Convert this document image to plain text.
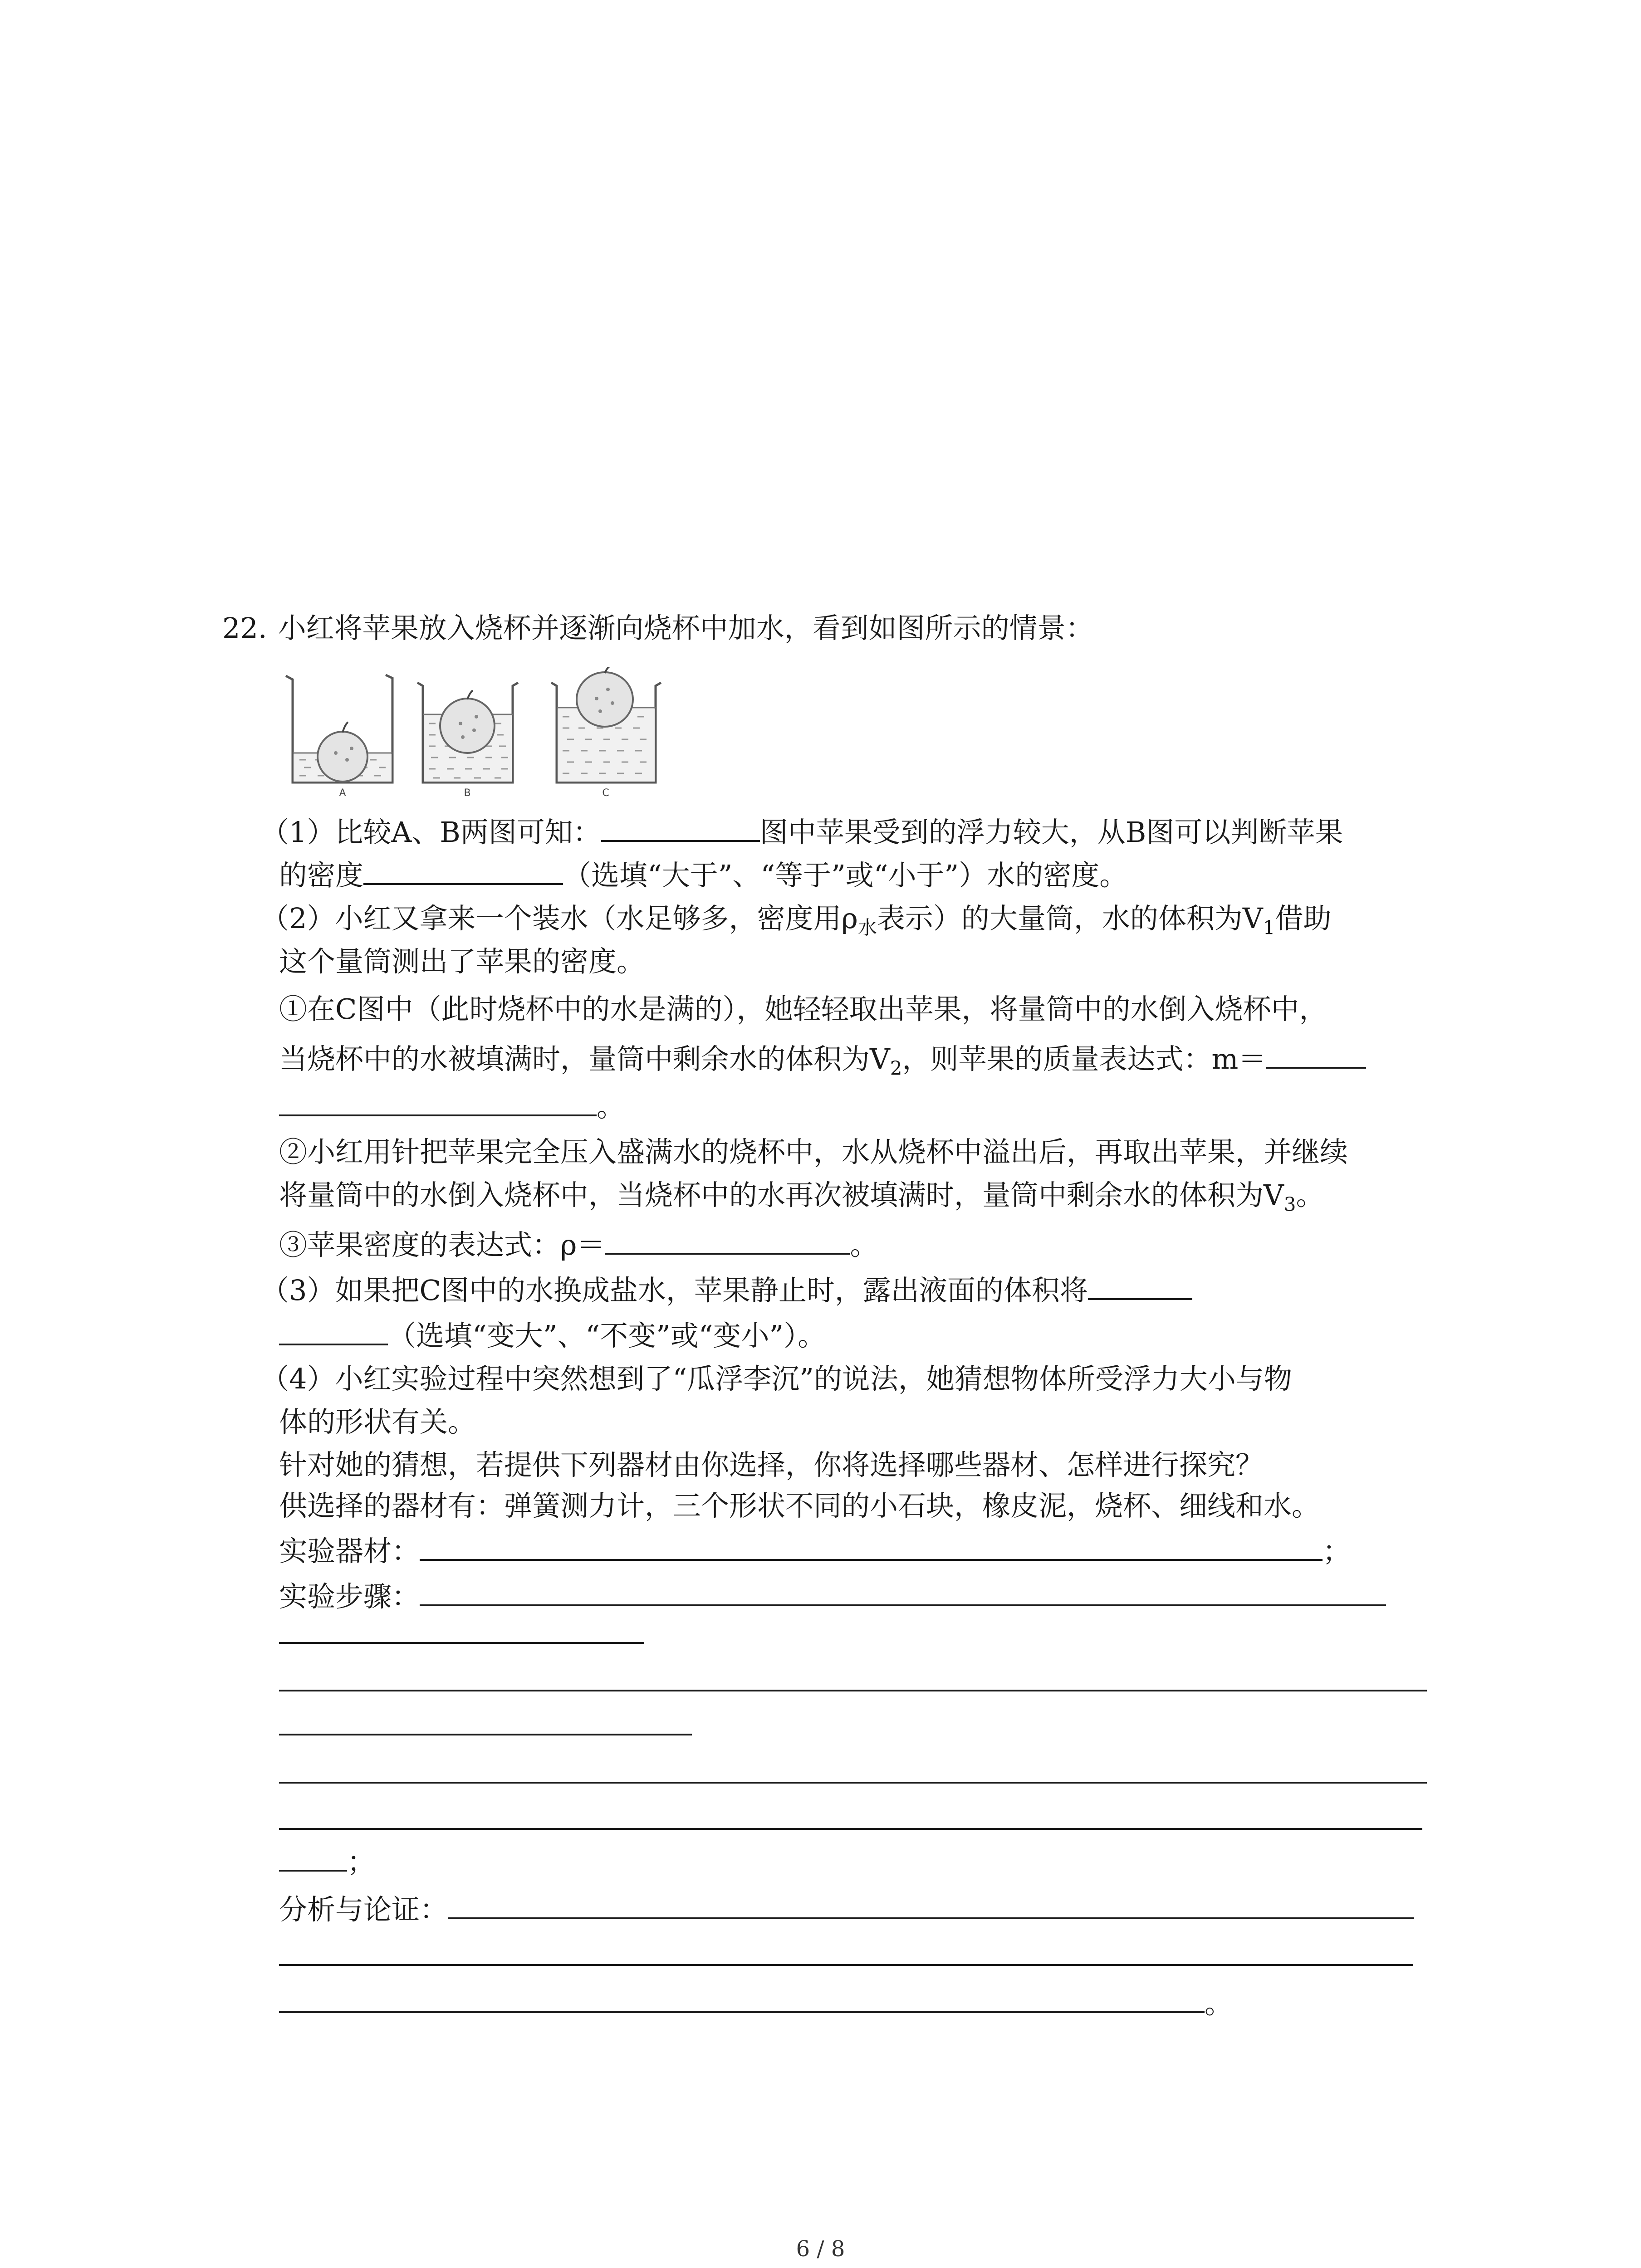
22. 小红将苹果放入烧杯并逐渐向烧杯中加水，看到如图所示的情景：
A	B	C
（1）比较A、B两图可知：	图中苹果受到的浮力较大，从B图可以判断苹果
的密度	（选填“大于”、“等于”或“小于”）水的密度。
（2）小红又拿来一个装水（水足够多，密度用$\rho_水$表示）的大量筒，水的体积为$V_1$借助
这个量筒测出了苹果的密度。
①在C图中（此时烧杯中的水是满的），她轻轻取出苹果，将量筒中的水倒入烧杯中，
当烧杯中的水被填满时，量筒中剩余水的体积为$V_2$，则苹果的质量表达式：m＝
。
②小红用针把苹果完全压入盛满水的烧杯中，水从烧杯中溢出后，再取出苹果，并继续
将量筒中的水倒入烧杯中，当烧杯中的水再次被填满时，量筒中剩余水的体积为$V_3$。
③苹果密度的表达式：ρ＝	。
（3）如果把C图中的水换成盐水，苹果静止时，露出液面的体积将
（选填“变大”、“不变”或“变小”）。
（4）小红实验过程中突然想到了“瓜浮李沉”的说法，她猜想物体所受浮力大小与物
体的形状有关。
针对她的猜想，若提供下列器材由你选择，你将选择哪些器材、怎样进行探究？
供选择的器材有：弹簧测力计，三个形状不同的小石块，橡皮泥，烧杯、细线和水。
实验器材：	；
实验步骤：
；
分析与论证：
。
6 / 8
